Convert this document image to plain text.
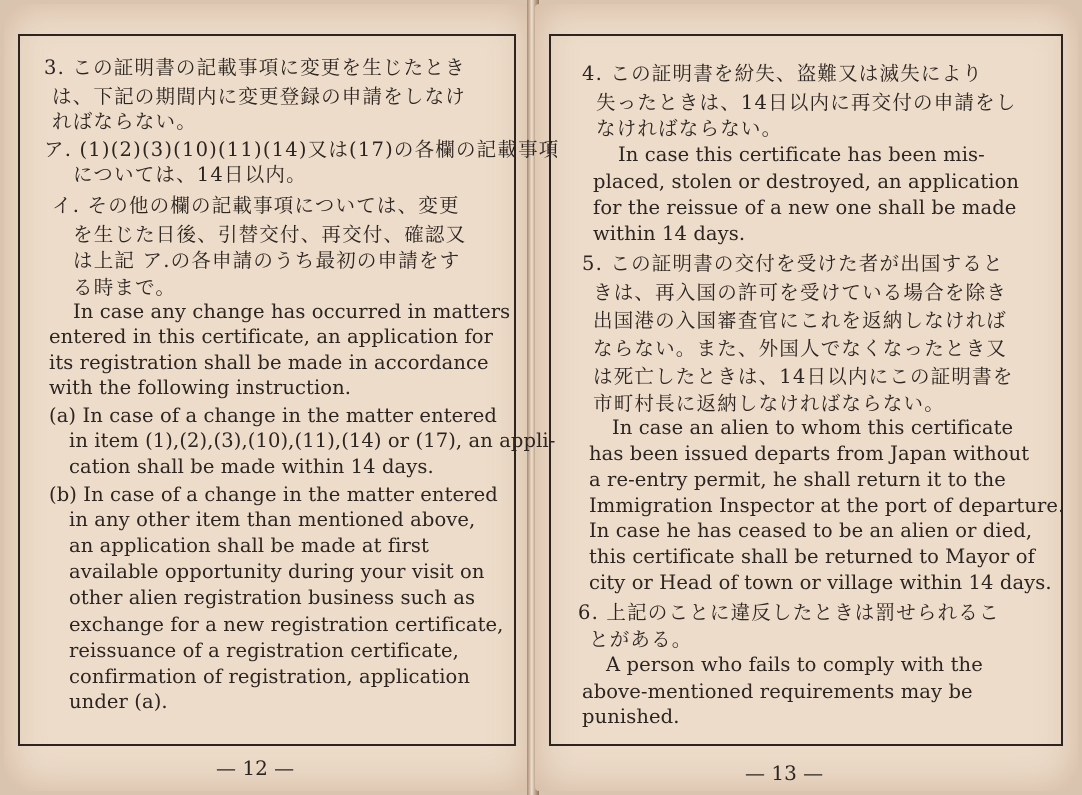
— 12 —	— 13 —
3. この証明書の記載事項に変更を生じたとき
は、下記の期間内に変更登録の申請をしなけ
ればならない。
ア. (1)(2)(3)(10)(11)(14)又は(17)の各欄の記載事項
については、14日以内。
イ. その他の欄の記載事項については、変更
を生じた日後、引替交付、再交付、確認又
は上記 ア.の各申請のうち最初の申請をす
る時まで。
In case any change has occurred in matters
entered in this certificate, an application for
its registration shall be made in accordance
with the following instruction.
(a) In case of a change in the matter entered
in item (1),(2),(3),(10),(11),(14) or (17), an appli-
cation shall be made within 14 days.
(b) In case of a change in the matter entered
in any other item than mentioned above,
an application shall be made at first
available opportunity during your visit on
other alien registration business such as
exchange for a new registration certificate,
reissuance of a registration certificate,
confirmation of registration, application
under (a).
4. この証明書を紛失、盗難又は滅失により
失ったときは、14日以内に再交付の申請をし
なければならない。
In case this certificate has been mis-
placed, stolen or destroyed, an application
for the reissue of a new one shall be made
within 14 days.
5. この証明書の交付を受けた者が出国すると
きは、再入国の許可を受けている場合を除き
出国港の入国審査官にこれを返納しなければ
ならない。また、外国人でなくなったとき又
は死亡したときは、14日以内にこの証明書を
市町村長に返納しなければならない。
In case an alien to whom this certificate
has been issued departs from Japan without
a re-entry permit, he shall return it to the
Immigration Inspector at the port of departure.
In case he has ceased to be an alien or died,
this certificate shall be returned to Mayor of
city or Head of town or village within 14 days.
6. 上記のことに違反したときは罰せられるこ
とがある。
A person who fails to comply with the
above-mentioned requirements may be
punished.
